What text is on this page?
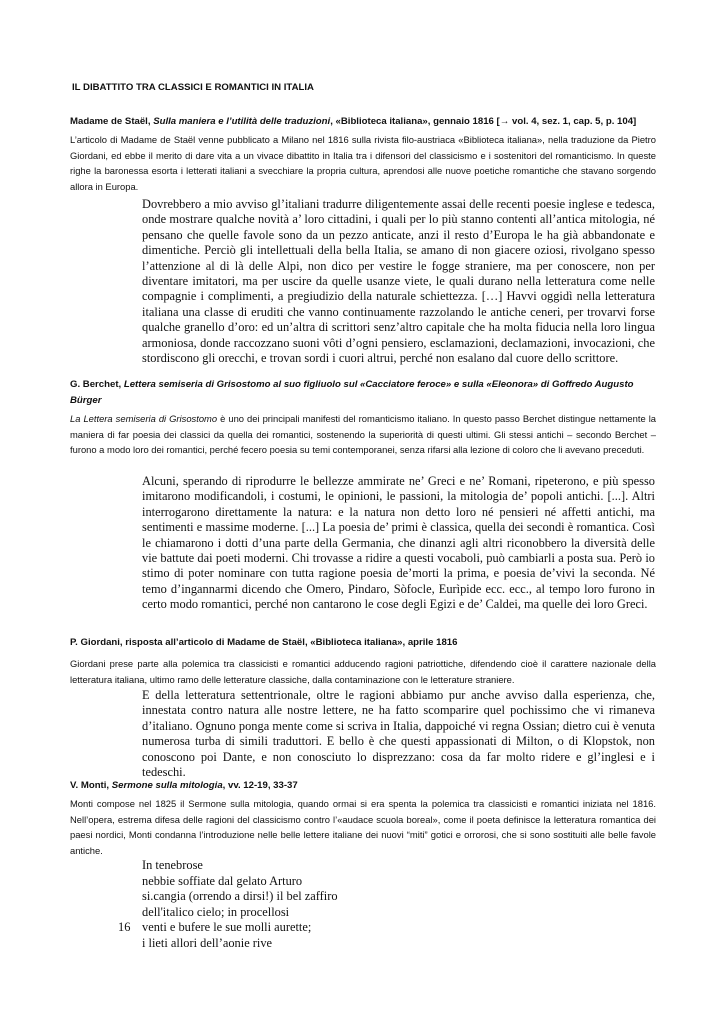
IL DIBATTITO TRA CLASSICI E ROMANTICI IN ITALIA
Madame de Staël, Sulla maniera e l’utilità delle traduzioni, «Biblioteca italiana», gennaio 1816 [→ vol. 4, sez. 1, cap. 5, p. 104]
L’articolo di Madame de Staël venne pubblicato a Milano nel 1816 sulla rivista filo-austriaca «Biblioteca italiana», nella traduzione da Pietro Giordani, ed ebbe il merito di dare vita a un vivace dibattito in Italia tra i difensori del classicismo e i sostenitori del romanticismo. In queste righe la baronessa esorta i letterati italiani a svecchiare la propria cultura, aprendosi alle nuove poetiche romantiche che stavano sorgendo allora in Europa.
Dovrebbero a mio avviso gl’italiani tradurre diligentemente assai delle recenti poesie inglese e tedesca, onde mostrare qualche novità a’ loro cittadini, i quali per lo più stanno contenti all’antica mitologia, né pensano che quelle favole sono da un pezzo anticate, anzi il resto d’Europa le ha già abbandonate e dimentiche. Perciò gli intellettuali della bella Italia, se amano di non giacere oziosi, rivolgano spesso l’attenzione al di là delle Alpi, non dico per vestire le fogge straniere, ma per conoscere, non per diventare imitatori, ma per uscire da quelle usanze viete, le quali durano nella letteratura come nelle compagnie i complimenti, a pregiudizio della naturale schiettezza. […] Havvi oggidì nella letteratura italiana una classe di eruditi che vanno continuamente razzolando le antiche ceneri, per trovarvi forse qualche granello d’oro: ed un’altra di scrittori senz’altro capitale che ha molta fiducia nella loro lingua armoniosa, donde raccozzano suoni vôti d’ogni pensiero, esclamazioni, declamazioni, invocazioni, che stordiscono gli orecchi, e trovan sordi i cuori altrui, perché non esalano dal cuore dello scrittore.
G. Berchet, Lettera semiseria di Grisostomo al suo figliuolo sul «Cacciatore feroce» e sulla «Eleonora» di Goffredo Augusto Bürger
La Lettera semiseria di Grisostomo è uno dei principali manifesti del romanticismo italiano. In questo passo Berchet distingue nettamente la maniera di far poesia dei classici da quella dei romantici, sostenendo la superiorità di questi ultimi. Gli stessi antichi – secondo Berchet – furono a modo loro dei romantici, perché fecero poesia su temi contemporanei, senza rifarsi alla lezione di coloro che li avevano preceduti.
Alcuni, sperando di riprodurre le bellezze ammirate ne’ Greci e ne’ Romani, ripeterono, e più spesso imitarono modificandoli, i costumi, le opinioni, le passioni, la mitologia de’ popoli antichi. [...]. Altri interrogarono direttamente la natura: e la natura non detto loro né pensieri né affetti antichi, ma sentimenti e massime moderne. [...] La poesia de’ primi è classica, quella dei secondi è romantica. Così le chiamarono i dotti d’una parte della Germania, che dinanzi agli altri riconobbero la diversità delle vie battute dai poeti moderni. Chi trovasse a ridire a questi vocaboli, può cambiarli a posta sua. Però io stimo di poter nominare con tutta ragione poesia de’morti la prima, e poesia de’vivi la seconda. Né temo d’ingannarmi dicendo che Omero, Pindaro, Sòfocle, Eurìpide ecc. ecc., al tempo loro furono in certo modo romantici, perché non cantarono le cose degli Egizi e de’ Caldei, ma quelle dei loro Greci.
P. Giordani, risposta all’articolo di Madame de Staël, «Biblioteca italiana», aprile 1816
Giordani prese parte alla polemica tra classicisti e romantici adducendo ragioni patriottiche, difendendo cioè il carattere nazionale della letteratura italiana, ultimo ramo delle letterature classiche, dalla contaminazione con le letterature straniere.
E della letteratura settentrionale, oltre le ragioni abbiamo pur anche avviso dalla esperienza, che, innestata contro natura alle nostre lettere, ne ha fatto scomparire quel pochissimo che vi rimaneva d’italiano. Ognuno ponga mente come si scriva in Italia, dappoiché vi regna Ossian; dietro cui è venuta numerosa turba di simili traduttori. E bello è che questi appassionati di Milton, o di Klopstok, non conoscono poi Dante, e non conosciuto lo disprezzano: cosa da far molto ridere e gl’inglesi e i tedeschi.
V. Monti, Sermone sulla mitologia, vv. 12-19, 33-37
Monti compose nel 1825 il Sermone sulla mitologia, quando ormai si era spenta la polemica tra classicisti e romantici iniziata nel 1816. Nell’opera, estrema difesa delle ragioni del classicismo contro l’«audace scuola boreal», come il poeta definisce la letteratura romantica dei paesi nordici, Monti condanna l’introduzione nelle belle lettere italiane dei nuovi “miti” gotici e orrorosi, che si sono sostituiti alle belle favole antiche.
In tenebrose
nebbie soffiate dal gelato Arturo
si.cangia (orrendo a dirsi!) il bel zaffiro
dell'italico cielo; in procellosi
venti e bufere le sue molli aurette;
i lieti allori dell’aonie rive
16
